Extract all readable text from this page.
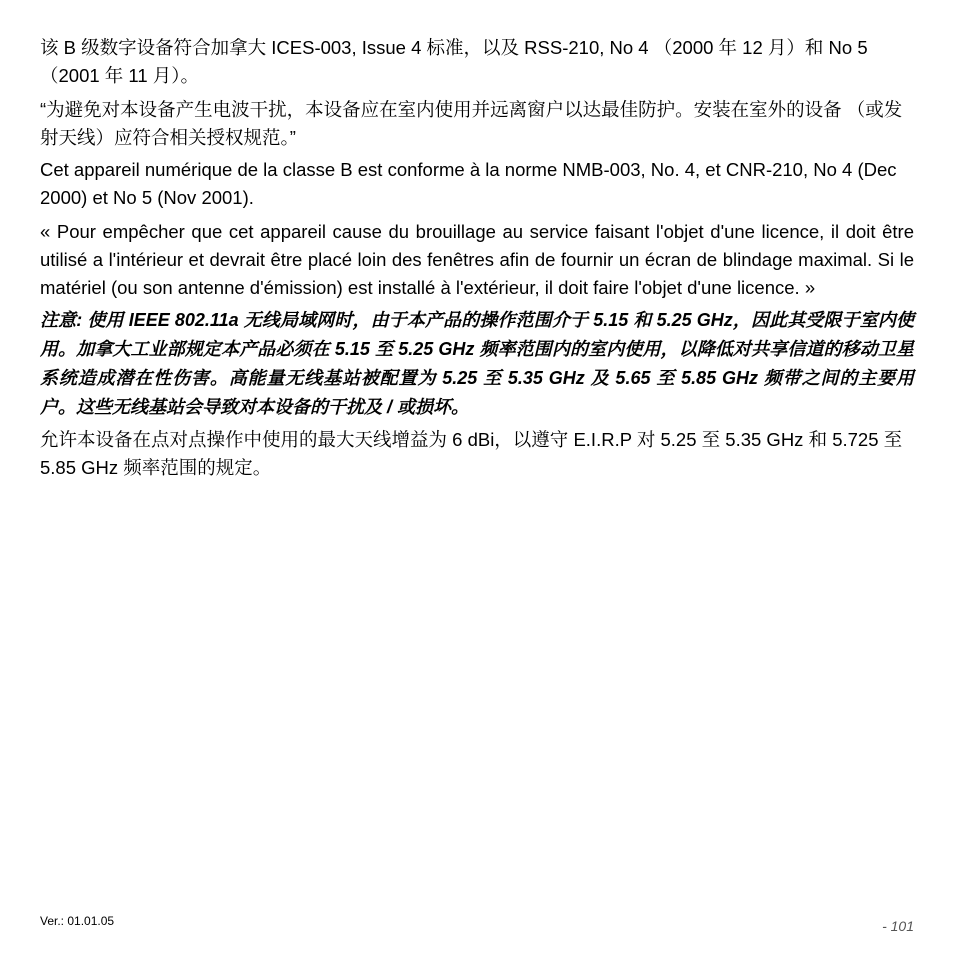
该 B 级数字设备符合加拿大 ICES-003, Issue 4 标准，以及 RSS-210, No 4 （2000 年 12 月）和 No 5 （2001 年 11 月）。

“为避免对本设备产生电波干扰，本设备应在室内使用并远离窗户以达最佳防护。安装在室外的设备 （或发射天线）应符合相关授权规范。”

Cet appareil numérique de la classe B est conforme à la norme NMB-003, No. 4, et CNR-210, No 4 (Dec 2000) et No 5 (Nov 2001).

« Pour empêcher que cet appareil cause du brouillage au service faisant l'objet d'une licence, il doit être utilisé a l'intérieur et devrait être placé loin des fenêtres afin de fournir un écran de blindage maximal. Si le matériel (ou son antenne d'émission) est installé à l'extérieur, il doit faire l'objet d'une licence. »

注意: 使用 IEEE 802.11a 无线局域网时，由于本产品的操作范围介于 5.15 和 5.25 GHz，因此其受限于室内使用。加拿大工业部规定本产品必须在 5.15 至 5.25 GHz 频率范围内的室内使用，以降低对共享信道的移动卫星系统造成潜在性伤害。高能量无线基站被配置为 5.25 至 5.35 GHz 及 5.65 至 5.85 GHz 频带之间的主要用户。这些无线基站会导致对本设备的干扰及 / 或损坏。

允许本设备在点对点操作中使用的最大天线增益为 6 dBi，以遵守 E.I.R.P 对 5.25 至 5.35 GHz 和 5.725 至 5.85 GHz 频率范围的规定。

Ver.: 01.01.05	- 101
